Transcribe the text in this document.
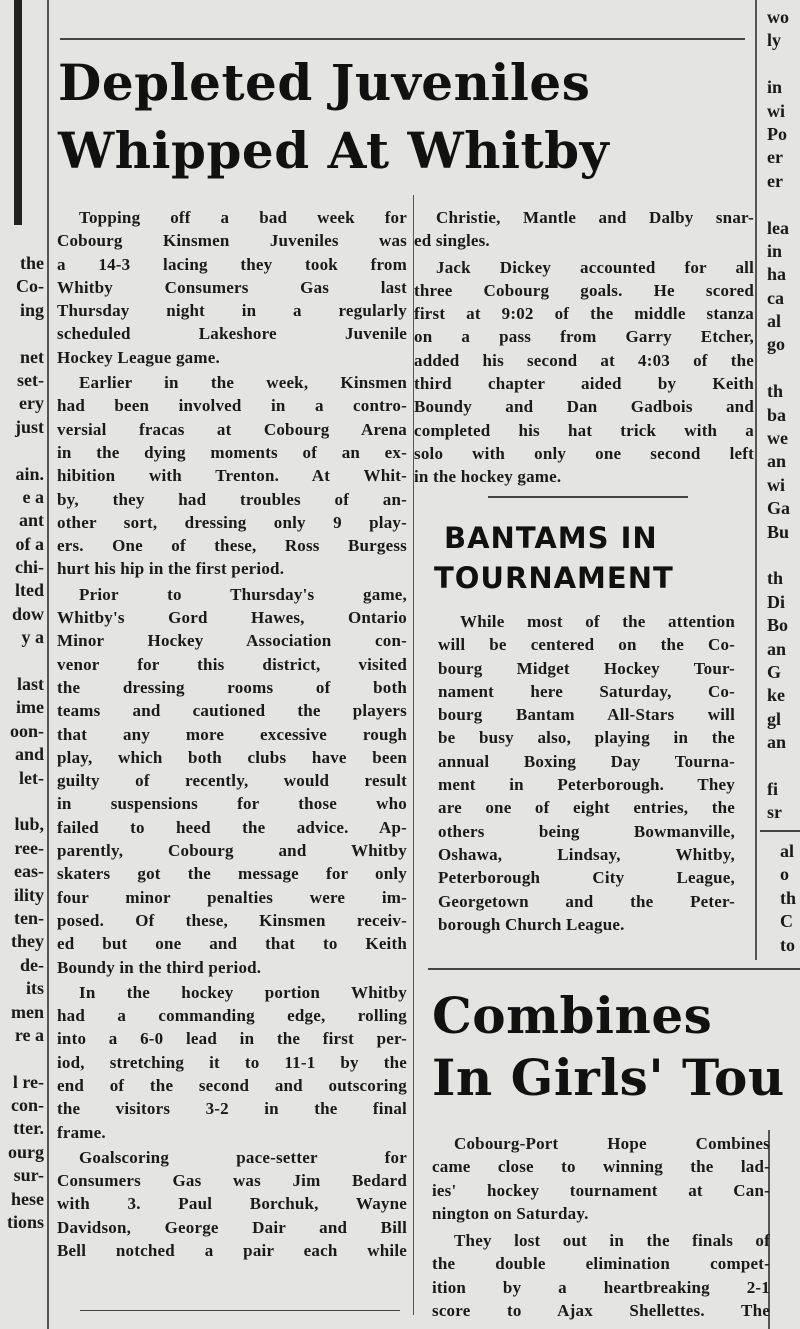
the
Co-
ing
net
set-
ery
just
ain.
e a
ant
of a
chi-
lted
dow
y a
last
ime
oon-
and
let-
lub,
ree-
eas-
ility
ten-
they
de-
its
men
re a
l re-
con-
tter.
ourg
sur-
hese
tions
wo
ly
in
wi
Po
er
er
lea
in
ha
ca
al
go
th
ba
we
an
wi
Ga
Bu
th
Di
Bo
an
G
ke
gl
an
fi
sr
al
o
th
C
to
Depleted Juveniles
Whipped At Whitby
Topping off a bad week for
Cobourg Kinsmen Juveniles was
a 14-3 lacing they took from
Whitby Consumers Gas last
Thursday night in a regularly
scheduled Lakeshore Juvenile
Hockey League game.
Earlier in the week, Kinsmen
had been involved in a contro-
versial fracas at Cobourg Arena
in the dying moments of an ex-
hibition with Trenton. At Whit-
by, they had troubles of an-
other sort, dressing only 9 play-
ers. One of these, Ross Burgess
hurt his hip in the first period.
Prior to Thursday's game,
Whitby's Gord Hawes, Ontario
Minor Hockey Association con-
venor for this district, visited
the dressing rooms of both
teams and cautioned the players
that any more excessive rough
play, which both clubs have been
guilty of recently, would result
in suspensions for those who
failed to heed the advice. Ap-
parently, Cobourg and Whitby
skaters got the message for only
four minor penalties were im-
posed. Of these, Kinsmen receiv-
ed but one and that to Keith
Boundy in the third period.
In the hockey portion Whitby
had a commanding edge, rolling
into a 6-0 lead in the first per-
iod, stretching it to 11-1 by the
end of the second and outscoring
the visitors 3-2 in the final
frame.
Goalscoring pace-setter for
Consumers Gas was Jim Bedard
with 3. Paul Borchuk, Wayne
Davidson, George Dair and Bill
Bell notched a pair each while
Christie, Mantle and Dalby snar-
ed singles.
Jack Dickey accounted for all
three Cobourg goals. He scored
first at 9:02 of the middle stanza
on a pass from Garry Etcher,
added his second at 4:03 of the
third chapter aided by Keith
Boundy and Dan Gadbois and
completed his hat trick with a
solo with only one second left
in the hockey game.
BANTAMS IN
TOURNAMENT
While most of the attention
will be centered on the Co-
bourg Midget Hockey Tour-
nament here Saturday, Co-
bourg Bantam All-Stars will
be busy also, playing in the
annual Boxing Day Tourna-
ment in Peterborough. They
are one of eight entries, the
others being Bowmanville,
Oshawa, Lindsay, Whitby,
Peterborough City League,
Georgetown and the Peter-
borough Church League.
Combines
In Girls' Tou
Cobourg-Port Hope Combines
came close to winning the lad-
ies' hockey tournament at Can-
nington on Saturday.
They lost out in the finals of
the double elimination compet-
ition by a heartbreaking 2-1
score to Ajax Shellettes. The
